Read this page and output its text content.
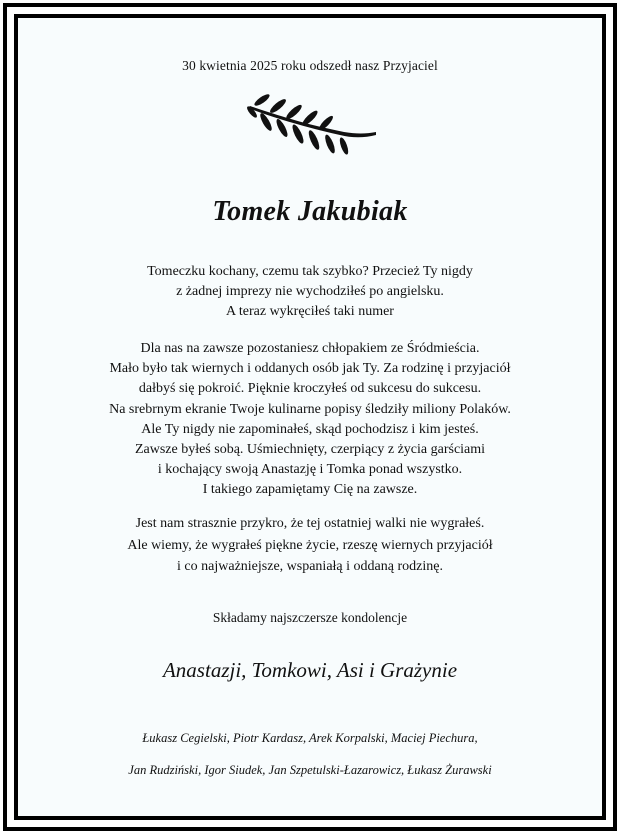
30 kwietnia 2025 roku odszedł nasz Przyjaciel
Tomek Jakubiak
Tomeczku kochany, czemu tak szybko? Przecież Ty nigdy
z żadnej imprezy nie wychodziłeś po angielsku.
A teraz wykręciłeś taki numer
Dla nas na zawsze pozostaniesz chłopakiem ze Śródmieścia.
Mało było tak wiernych i oddanych osób jak Ty. Za rodzinę i przyjaciół
dałbyś się pokroić. Pięknie kroczyłeś od sukcesu do sukcesu.
Na srebrnym ekranie Twoje kulinarne popisy śledziły miliony Polaków.
Ale Ty nigdy nie zapominałeś, skąd pochodzisz i kim jesteś.
Zawsze byłeś sobą. Uśmiechnięty, czerpiący z życia garściami
i kochający swoją Anastazję i Tomka ponad wszystko.
I takiego zapamiętamy Cię na zawsze.
Jest nam strasznie przykro, że tej ostatniej walki nie wygrałeś.
Ale wiemy, że wygrałeś piękne życie, rzeszę wiernych przyjaciół
i co najważniejsze, wspaniałą i oddaną rodzinę.
Składamy najszczersze kondolencje
Anastazji, Tomkowi, Asi i Grażynie
Łukasz Cegielski, Piotr Kardasz, Arek Korpalski, Maciej Piechura,
Jan Rudziński, Igor Siudek, Jan Szpetulski-Łazarowicz, Łukasz Żurawski
